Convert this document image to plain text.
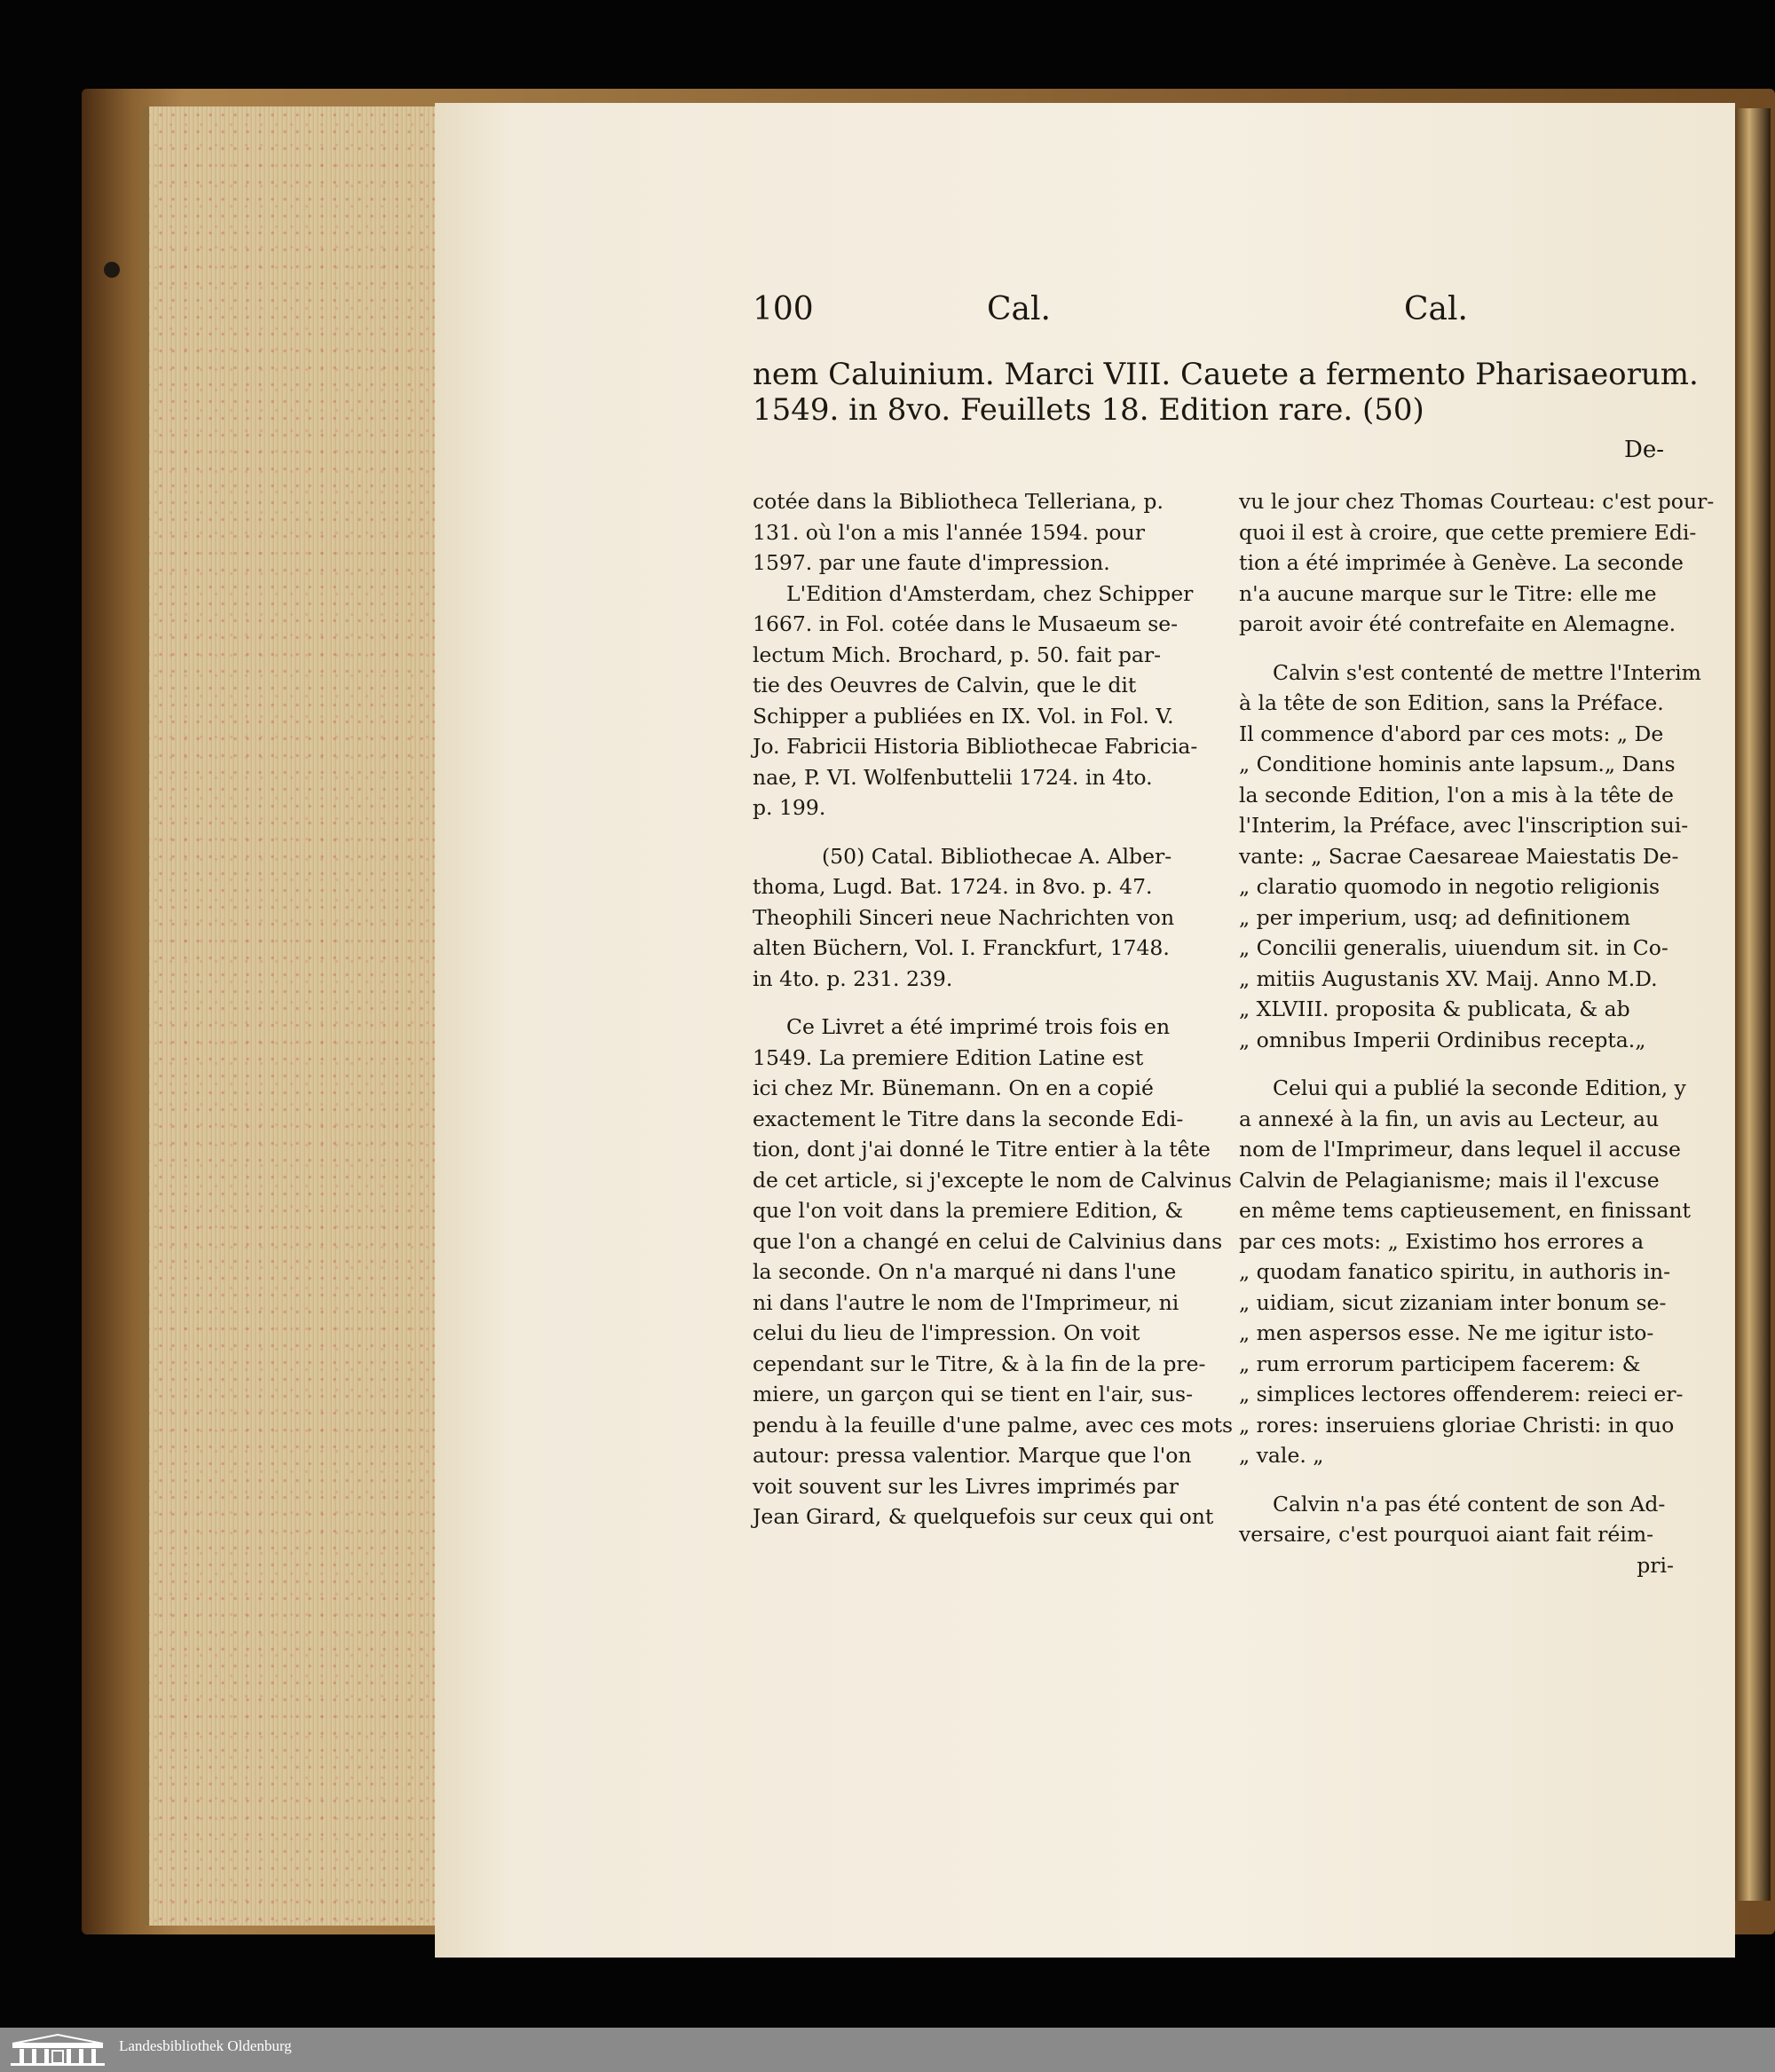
100	Cal.	Cal.
nem Caluinium. Marci VIII. Cauete a fermento Pharisaeorum.
1549. in 8vo. Feuillets 18. Edition rare. (50)
De-
cotée dans la Bibliotheca Telleriana, p.
131. où l'on a mis l'année 1594. pour
1597. par une faute d'impression.
L'Edition d'Amsterdam, chez Schipper
1667. in Fol. cotée dans le Musaeum se-
lectum Mich. Brochard, p. 50. fait par-
tie des Oeuvres de Calvin, que le dit
Schipper a publiées en IX. Vol. in Fol. V.
Jo. Fabricii Historia Bibliothecae Fabricia-
nae, P. VI. Wolfenbuttelii 1724. in 4to.
p. 199.
(50) Catal. Bibliothecae A. Alber-
thoma, Lugd. Bat. 1724. in 8vo. p. 47.
Theophili Sinceri neue Nachrichten von
alten Büchern, Vol. I. Franckfurt, 1748.
in 4to. p. 231. 239.
Ce Livret a été imprimé trois fois en
1549. La premiere Edition Latine est
ici chez Mr. Bünemann. On en a copié
exactement le Titre dans la seconde Edi-
tion, dont j'ai donné le Titre entier à la tête
de cet article, si j'excepte le nom de Calvinus
que l'on voit dans la premiere Edition, &
que l'on a changé en celui de Calvinius dans
la seconde. On n'a marqué ni dans l'une
ni dans l'autre le nom de l'Imprimeur, ni
celui du lieu de l'impression. On voit
cependant sur le Titre, & à la fin de la pre-
miere, un garçon qui se tient en l'air, sus-
pendu à la feuille d'une palme, avec ces mots
autour: pressa valentior. Marque que l'on
voit souvent sur les Livres imprimés par
Jean Girard, & quelquefois sur ceux qui ont
vu le jour chez Thomas Courteau: c'est pour-
quoi il est à croire, que cette premiere Edi-
tion a été imprimée à Genève. La seconde
n'a aucune marque sur le Titre: elle me
paroit avoir été contrefaite en Alemagne.
Calvin s'est contenté de mettre l'Interim
à la tête de son Edition, sans la Préface.
Il commence d'abord par ces mots: „ De
„ Conditione hominis ante lapsum.„ Dans
la seconde Edition, l'on a mis à la tête de
l'Interim, la Préface, avec l'inscription sui-
vante: „ Sacrae Caesareae Maiestatis De-
„ claratio quomodo in negotio religionis
„ per imperium, usq; ad definitionem
„ Concilii generalis, uiuendum sit. in Co-
„ mitiis Augustanis XV. Maij. Anno M.D.
„ XLVIII. proposita & publicata, & ab
„ omnibus Imperii Ordinibus recepta.„
Celui qui a publié la seconde Edition, y
a annexé à la fin, un avis au Lecteur, au
nom de l'Imprimeur, dans lequel il accuse
Calvin de Pelagianisme; mais il l'excuse
en même tems captieusement, en finissant
par ces mots: „ Existimo hos errores a
„ quodam fanatico spiritu, in authoris in-
„ uidiam, sicut zizaniam inter bonum se-
„ men aspersos esse. Ne me igitur isto-
„ rum errorum participem facerem: &
„ simplices lectores offenderem: reieci er-
„ rores: inseruiens gloriae Christi: in quo
„ vale. „
Calvin n'a pas été content de son Ad-
versaire, c'est pourquoi aiant fait réim-
pri-
Landesbibliothek Oldenburg
